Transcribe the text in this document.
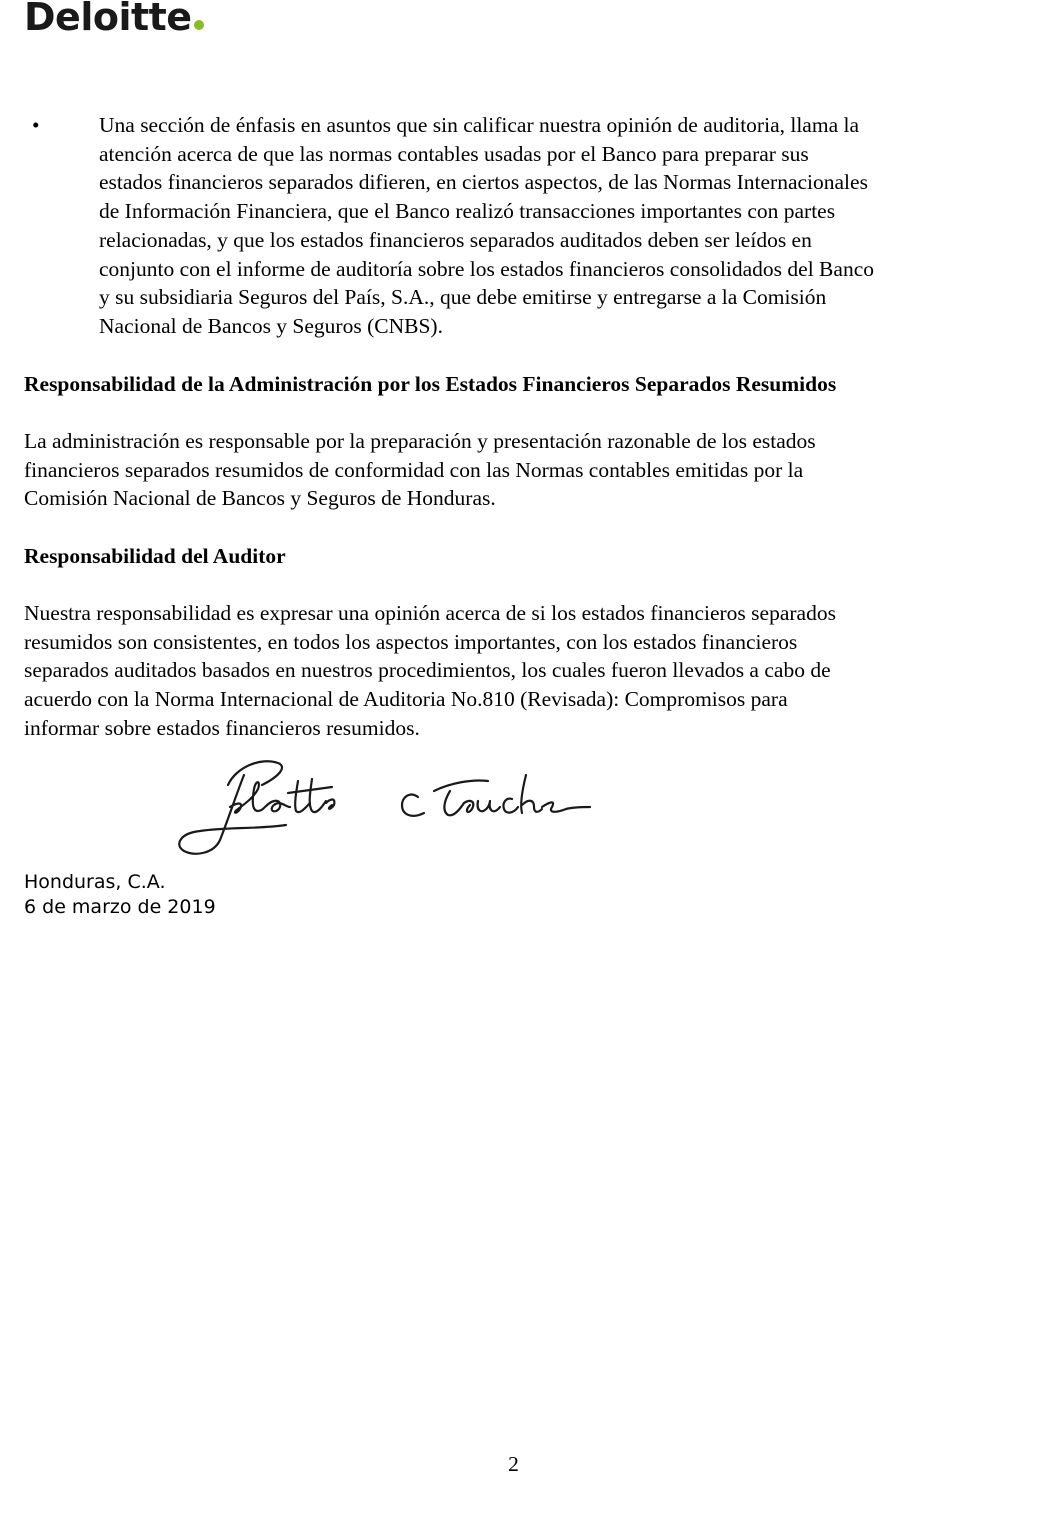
Deloitte
•	Una sección de énfasis en asuntos que sin calificar nuestra opinión de auditoria, llama la
atención acerca de que las normas contables usadas por el Banco para preparar sus
estados financieros separados difieren, en ciertos aspectos, de las Normas Internacionales
de Información Financiera, que el Banco realizó transacciones importantes con partes
relacionadas, y que los estados financieros separados auditados deben ser leídos en
conjunto con el informe de auditoría sobre los estados financieros consolidados del Banco
y su subsidiaria Seguros del País, S.A., que debe emitirse y entregarse a la Comisión
Nacional de Bancos y Seguros (CNBS).
Responsabilidad de la Administración por los Estados Financieros Separados Resumidos
La administración es responsable por la preparación y presentación razonable de los estados
financieros separados resumidos de conformidad con las Normas contables emitidas por la
Comisión Nacional de Bancos y Seguros de Honduras.
Responsabilidad del Auditor
Nuestra responsabilidad es expresar una opinión acerca de si los estados financieros separados
resumidos son consistentes, en todos los aspectos importantes, con los estados financieros
separados auditados basados en nuestros procedimientos, los cuales fueron llevados a cabo de
acuerdo con la Norma Internacional de Auditoria No.810 (Revisada): Compromisos para
informar sobre estados financieros resumidos.
Honduras, C.A.
6 de marzo de 2019
2
